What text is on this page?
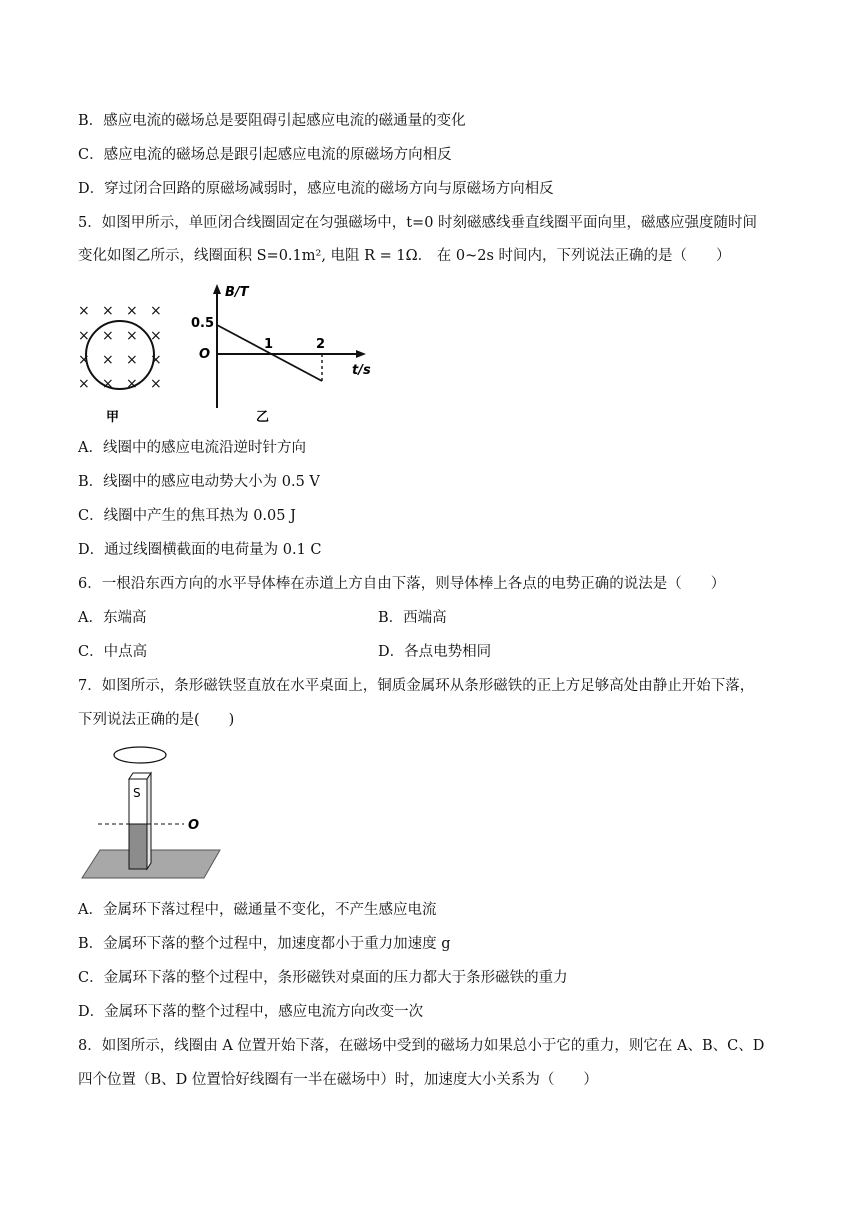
B．感应电流的磁场总是要阻碍引起感应电流的磁通量的变化
C．感应电流的磁场总是跟引起感应电流的原磁场方向相反
D．穿过闭合回路的原磁场减弱时，感应电流的磁场方向与原磁场方向相反
5．如图甲所示，单匝闭合线圈固定在匀强磁场中，t=0 时刻磁感线垂直线圈平面向里，磁感应强度随时间
变化如图乙所示，线圈面积 S=0.1m², 电阻 R = 1Ω． 在 0~2s 时间内，下列说法正确的是（　　）
× × × ×
× × × ×
× × × ×
× × × ×
甲
B/T
t/s
0.5
O
1	2
乙
A．线圈中的感应电流沿逆时针方向
B．线圈中的感应电动势大小为 0.5 V
C．线圈中产生的焦耳热为 0.05 J
D．通过线圈横截面的电荷量为 0.1 C
6．一根沿东西方向的水平导体棒在赤道上方自由下落，则导体棒上各点的电势正确的说法是（　　）
A．东端高	B．西端高
C．中点高	D．各点电势相同
7．如图所示，条形磁铁竖直放在水平桌面上，铜质金属环从条形磁铁的正上方足够高处由静止开始下落，
下列说法正确的是(　　)
S
O
A．金属环下落过程中，磁通量不变化，不产生感应电流
B．金属环下落的整个过程中，加速度都小于重力加速度 g
C．金属环下落的整个过程中，条形磁铁对桌面的压力都大于条形磁铁的重力
D．金属环下落的整个过程中，感应电流方向改变一次
8．如图所示，线圈由 A 位置开始下落，在磁场中受到的磁场力如果总小于它的重力，则它在 A、B、C、D
四个位置（B、D 位置恰好线圈有一半在磁场中）时，加速度大小关系为（　　）
